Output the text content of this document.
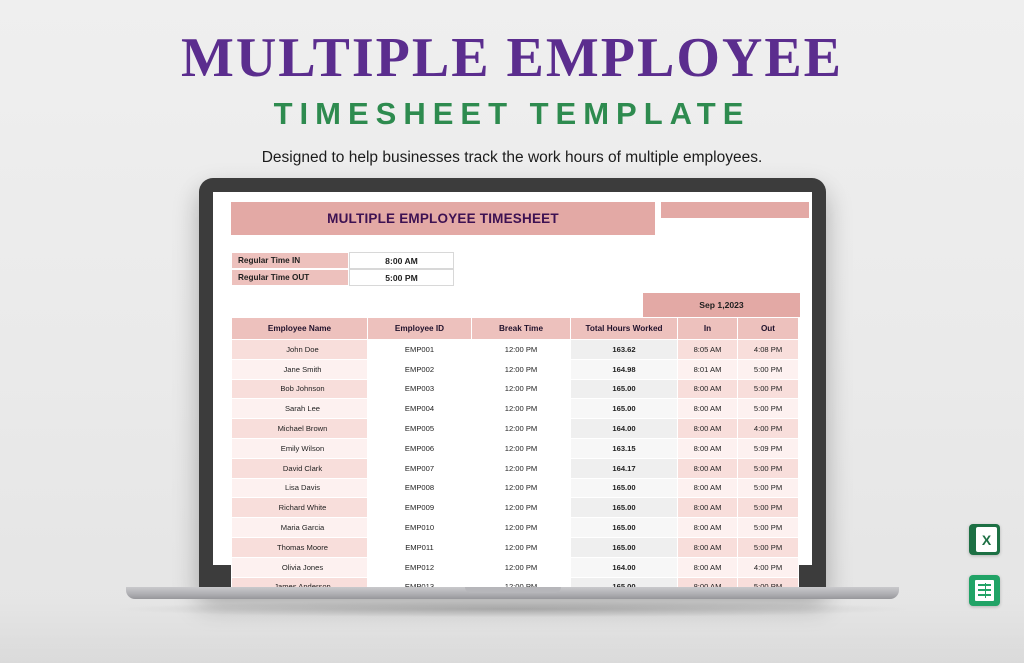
MULTIPLE EMPLOYEE
TIMESHEET TEMPLATE
Designed to help businesses track the work hours of multiple employees.
MULTIPLE EMPLOYEE TIMESHEET
Regular Time IN	8:00 AM
Regular Time OUT	5:00 PM
Sep 1,2023
Employee Name	Employee ID	Break Time	Total Hours Worked	In	Out
John Doe	EMP001	12:00 PM	163.62	8:05 AM	4:08 PM
Jane Smith	EMP002	12:00 PM	164.98	8:01 AM	5:00 PM
Bob Johnson	EMP003	12:00 PM	165.00	8:00 AM	5:00 PM
Sarah Lee	EMP004	12:00 PM	165.00	8:00 AM	5:00 PM
Michael Brown	EMP005	12:00 PM	164.00	8:00 AM	4:00 PM
Emily Wilson	EMP006	12:00 PM	163.15	8:00 AM	5:09 PM
David Clark	EMP007	12:00 PM	164.17	8:00 AM	5:00 PM
Lisa Davis	EMP008	12:00 PM	165.00	8:00 AM	5:00 PM
Richard White	EMP009	12:00 PM	165.00	8:00 AM	5:00 PM
Maria Garcia	EMP010	12:00 PM	165.00	8:00 AM	5:00 PM
Thomas Moore	EMP011	12:00 PM	165.00	8:00 AM	5:00 PM
Olivia Jones	EMP012	12:00 PM	164.00	8:00 AM	4:00 PM

X
